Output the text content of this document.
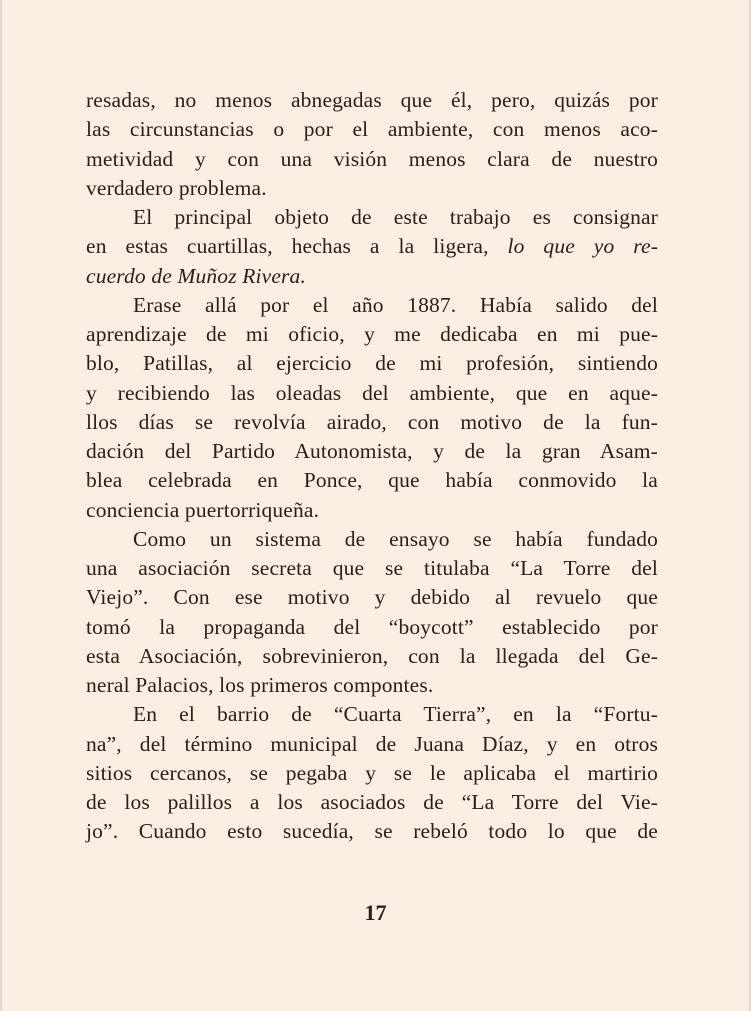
resadas, no menos abnegadas que él, pero, quizás por
las circunstancias o por el ambiente, con menos aco-
metividad y con una visión menos clara de nuestro
verdadero problema.
El principal objeto de este trabajo es consignar
en estas cuartillas, hechas a la ligera, lo que yo re-
cuerdo de Muñoz Rivera.
Erase allá por el año 1887. Había salido del
aprendizaje de mi oficio, y me dedicaba en mi pue-
blo, Patillas, al ejercicio de mi profesión, sintiendo
y recibiendo las oleadas del ambiente, que en aque-
llos días se revolvía airado, con motivo de la fun-
dación del Partido Autonomista, y de la gran Asam-
blea celebrada en Ponce, que había conmovido la
conciencia puertorriqueña.
Como un sistema de ensayo se había fundado
una asociación secreta que se titulaba “La Torre del
Viejo”. Con ese motivo y debido al revuelo que
tomó la propaganda del “boycott” establecido por
esta Asociación, sobrevinieron, con la llegada del Ge-
neral Palacios, los primeros compontes.
En el barrio de “Cuarta Tierra”, en la “Fortu-
na”, del término municipal de Juana Díaz, y en otros
sitios cercanos, se pegaba y se le aplicaba el martirio
de los palillos a los asociados de “La Torre del Vie-
jo”. Cuando esto sucedía, se rebeló todo lo que de
17
